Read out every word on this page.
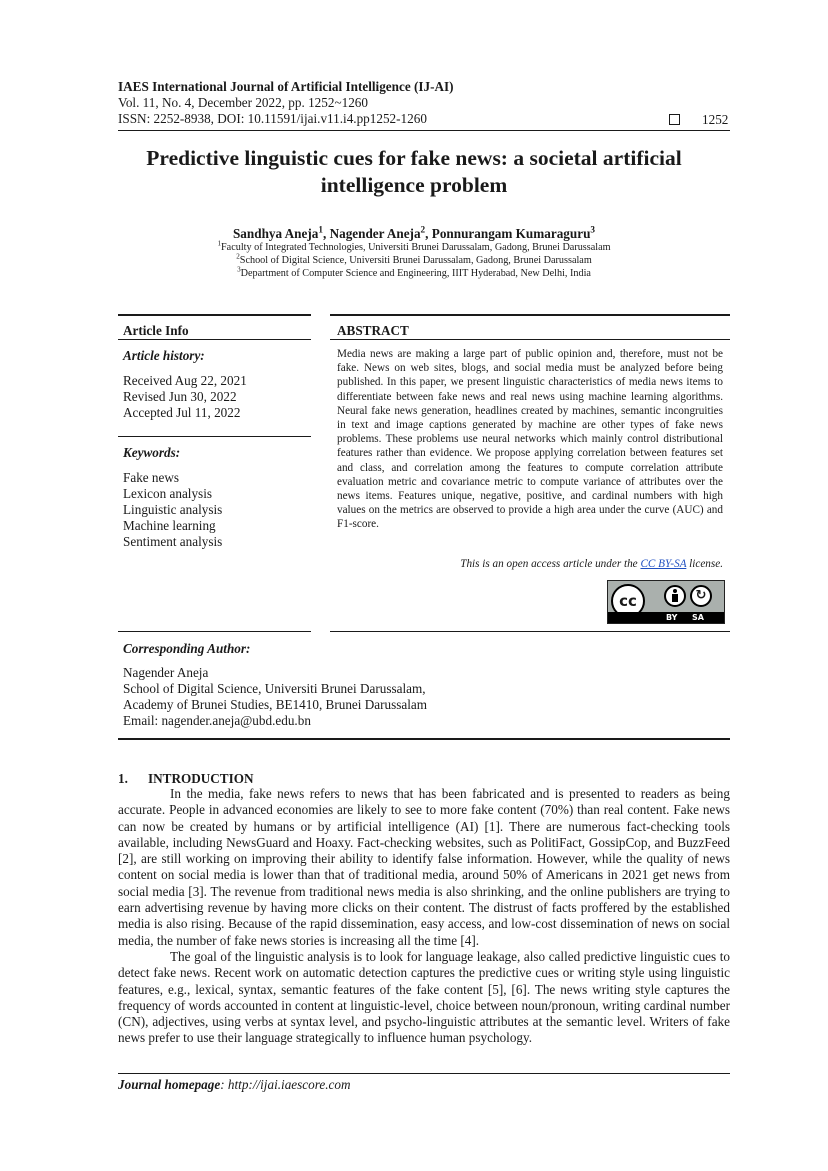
IAES International Journal of Artificial Intelligence (IJ-AI)
Vol. 11, No. 4, December 2022, pp. 1252~1260
ISSN: 2252-8938, DOI: 10.11591/ijai.v11.i4.pp1252-1260	1252
Predictive linguistic cues for fake news: a societal artificial
intelligence problem
Sandhya Aneja$^1$, Nagender Aneja$^2$, Ponnurangam Kumaraguru$^3$
$^1$Faculty of Integrated Technologies, Universiti Brunei Darussalam, Gadong, Brunei Darussalam
$^2$School of Digital Science, Universiti Brunei Darussalam, Gadong, Brunei Darussalam
$^3$Department of Computer Science and Engineering, IIIT Hyderabad, New Delhi, India
Article Info	ABSTRACT
Article history:
Received Aug 22, 2021
Revised Jun 30, 2022
Accepted Jul 11, 2022
Keywords:
Fake news
Lexicon analysis
Linguistic analysis
Machine learning
Sentiment analysis
Media news are making a large part of public opinion and, therefore, must not be fake. News on web sites, blogs, and social media must be analyzed before being published. In this paper, we present linguistic characteristics of media news items to differentiate between fake news and real news using machine learning algorithms. Neural fake news generation, headlines created by machines, semantic incongruities in text and image captions generated by machine are other types of fake news problems. These problems use neural networks which mainly control distributional features rather than evidence. We propose applying correlation between features set and class, and correlation among the features to compute correlation attribute evaluation metric and covariance metric to compute variance of attributes over the news items. Features unique, negative, positive, and cardinal numbers with high values on the metrics are observed to provide a high area under the curve (AUC) and F1-score.
This is an open access article under the CC BY-SA license.
cc	↻
BY SA
Corresponding Author:
Nagender Aneja
School of Digital Science, Universiti Brunei Darussalam,
Academy of Brunei Studies, BE1410, Brunei Darussalam
Email: nagender.aneja@ubd.edu.bn
1. INTRODUCTION

In the media, fake news refers to news that has been fabricated and is presented to readers as being accurate. People in advanced economies are likely to see to more fake content (70%) than real content. Fake news can now be created by humans or by artificial intelligence (AI) [1]. There are numerous fact-checking tools available, including NewsGuard and Hoaxy. Fact-checking websites, such as PolitiFact, GossipCop, and BuzzFeed [2], are still working on improving their ability to identify false information. However, while the quality of news content on social media is lower than that of traditional media, around 50% of Americans in 2021 get news from social media [3]. The revenue from traditional news media is also shrinking, and the online publishers are trying to earn advertising revenue by having more clicks on their content. The distrust of facts proffered by the established media is also rising. Because of the rapid dissemination, easy access, and low-cost dissemination of news on social media, the number of fake news stories is increasing all the time [4].

The goal of the linguistic analysis is to look for language leakage, also called predictive linguistic cues to detect fake news. Recent work on automatic detection captures the predictive cues or writing style using linguistic features, e.g., lexical, syntax, semantic features of the fake content [5], [6]. The news writing style captures the frequency of words accounted in content at linguistic-level, choice between noun/pronoun, writing cardinal number (CN), adjectives, using verbs at syntax level, and psycho-linguistic attributes at the semantic level. Writers of fake news prefer to use their language strategically to influence human psychology.

Journal homepage: http://ijai.iaescore.com
